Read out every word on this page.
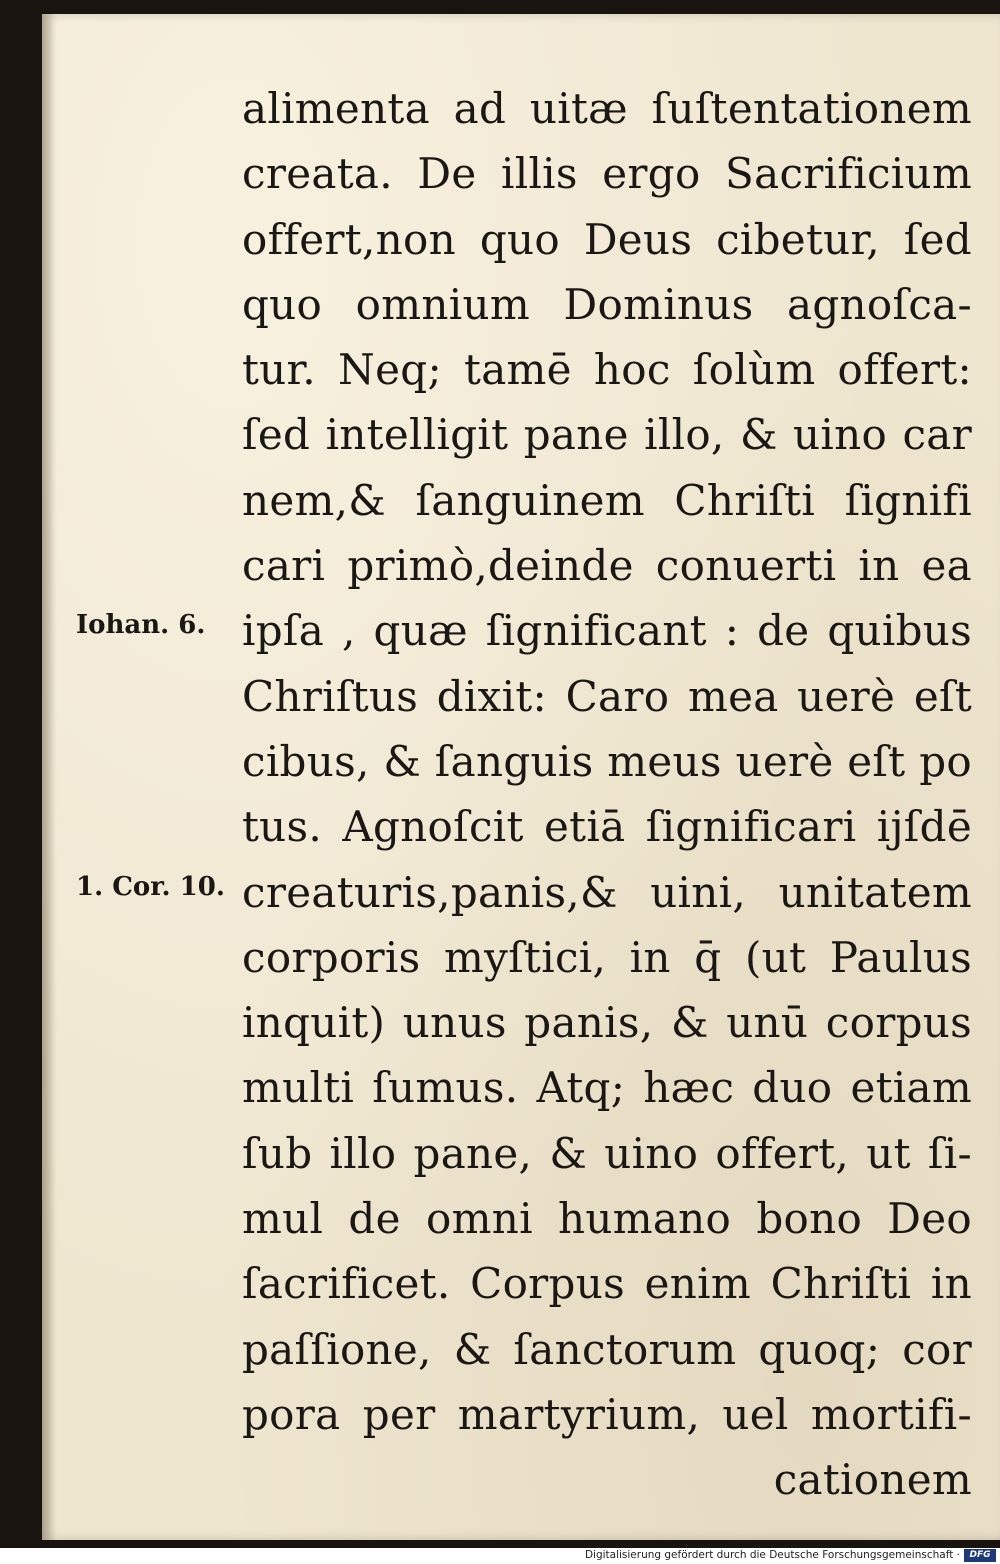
Iohan. 6.
1. Cor. 10.
alimenta ad uitæ ſuſtentationem
creata. De illis ergo Sacrificium
offert,non quo Deus cibetur, ſed
quo omnium Dominus agnoſca-
tur. Neq; tamē hoc ſolùm offert:
ſed intelligit pane illo, & uino car
nem,& ſanguinem Chriſti ſignifi
cari primò,deinde conuerti in ea
ipſa , quæ ſignificant : de quibus
Chriſtus dixit: Caro mea uerè eſt
cibus, & ſanguis meus uerè eſt po
tus. Agnoſcit etiā ſignificari ijſdē
creaturis,panis,& uini, unitatem
corporis myſtici, in q̄ (ut Paulus
inquit) unus panis, & unū corpus
multi ſumus. Atq; hæc duo etiam
ſub illo pane, & uino offert, ut ſi-
mul de omni humano bono Deo
ſacrificet. Corpus enim Chriſti in
paſſione, & ſanctorum quoq; cor
pora per martyrium, uel mortifi-
cationem
Digitalisierung gefördert durch die Deutsche Forschungsgemeinschaft ·	DFG
